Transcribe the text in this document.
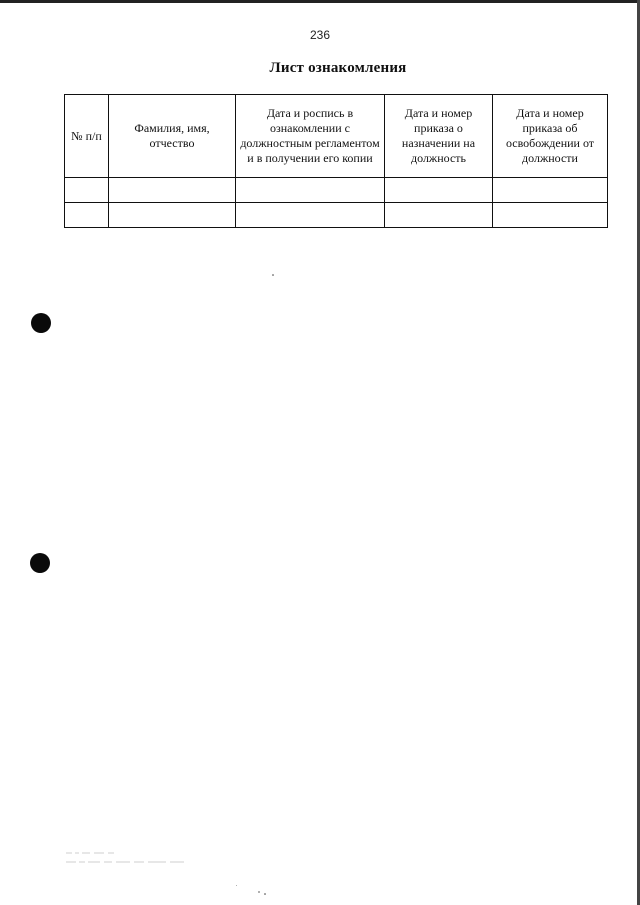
236
Лист ознакомления
№ п/п	Фамилия, имя, отчество	Дата и роспись в ознакомлении с должностным регламентом и в получении его копии	Дата и номер приказа о назначении на должность	Дата и номер приказа об освобождении от должности
